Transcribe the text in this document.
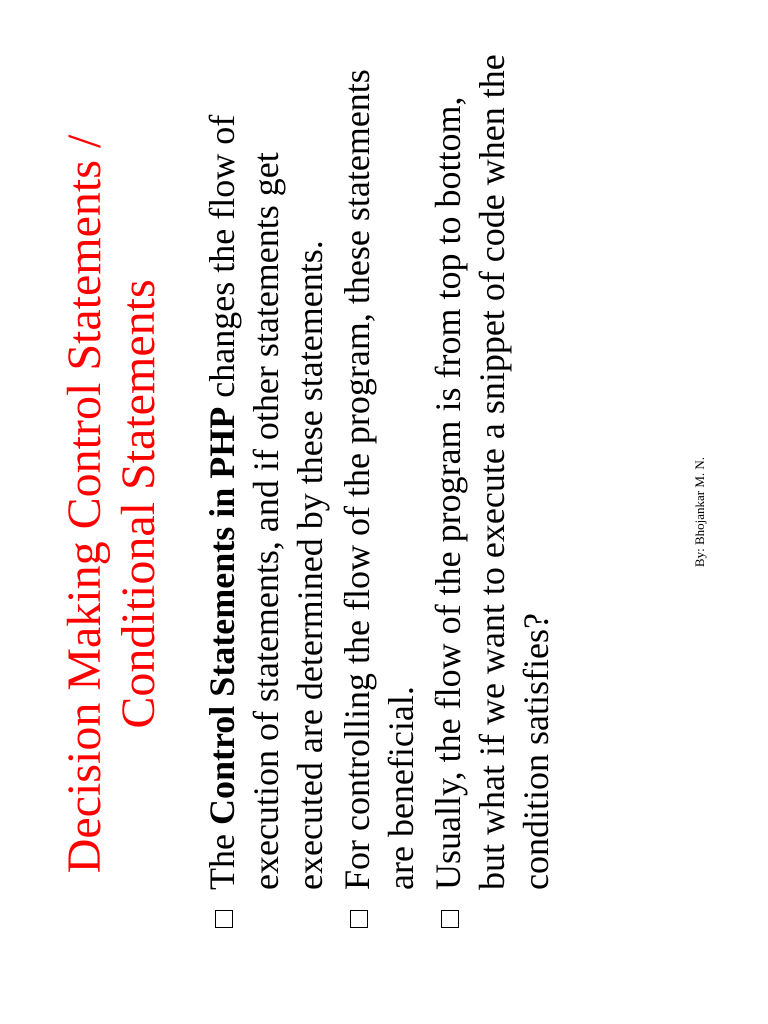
Decision Making Control Statements / Conditional Statements
The Control Statements in PHP changes the flow of execution of statements, and if other statements get executed are determined by these statements. For controlling the flow of the program, these statements are beneficial. Usually, the flow of the program is from top to bottom, but what if we want to execute a snippet of code when the condition satisfies?
By: Bhojankar M. N.
